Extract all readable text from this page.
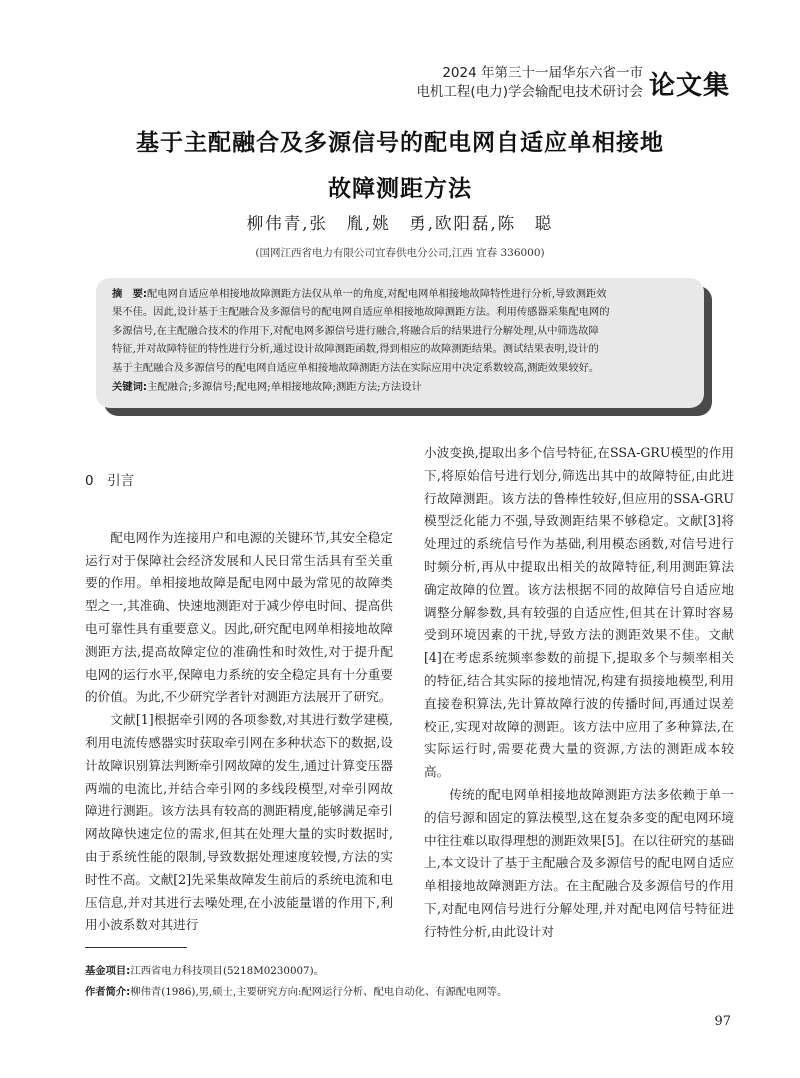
2024 年第三十一届华东六省一市
电机工程(电力)学会输配电技术研讨会 论文集
基于主配融合及多源信号的配电网自适应单相接地
故障测距方法
柳伟青,张　胤,姚　勇,欧阳磊,陈　聪
(国网江西省电力有限公司宜春供电分公司,江西 宜春 336000)
摘　要:配电网自适应单相接地故障测距方法仅从单一的角度,对配电网单相接地故障特性进行分析,导致测距效
果不佳。因此,设计基于主配融合及多源信号的配电网自适应单相接地故障测距方法。利用传感器采集配电网的
多源信号,在主配融合技术的作用下,对配电网多源信号进行融合,将融合后的结果进行分解处理,从中筛选故障
特征,并对故障特征的特性进行分析,通过设计故障测距函数,得到相应的故障测距结果。测试结果表明,设计的
基于主配融合及多源信号的配电网自适应单相接地故障测距方法在实际应用中决定系数较高,测距效果较好。
关键词:主配融合;多源信号;配电网;单相接地故障;测距方法;方法设计

0　引言

配电网作为连接用户和电源的关键环节,其安全稳定运行对于保障社会经济发展和人民日常生活具有至关重要的作用。单相接地故障是配电网中最为常见的故障类型之一,其准确、快速地测距对于减少停电时间、提高供电可靠性具有重要意义。因此,研究配电网单相接地故障测距方法,提高故障定位的准确性和时效性,对于提升配电网的运行水平,保障电力系统的安全稳定具有十分重要的价值。为此,不少研究学者针对测距方法展开了研究。

文献[1]根据牵引网的各项参数,对其进行数学建模,利用电流传感器实时获取牵引网在多种状态下的数据,设计故障识别算法判断牵引网故障的发生,通过计算变压器两端的电流比,并结合牵引网的多线段模型,对牵引网故障进行测距。该方法具有较高的测距精度,能够满足牵引网故障快速定位的需求,但其在处理大量的实时数据时,由于系统性能的限制,导致数据处理速度较慢,方法的实时性不高。文献[2]先采集故障发生前后的系统电流和电压信息,并对其进行去噪处理,在小波能量谱的作用下,利用小波系数对其进行

小波变换,提取出多个信号特征,在SSA-GRU模型的作用下,将原始信号进行划分,筛选出其中的故障特征,由此进行故障测距。该方法的鲁棒性较好,但应用的SSA-GRU模型泛化能力不强,导致测距结果不够稳定。文献[3]将处理过的系统信号作为基础,利用模态函数,对信号进行时频分析,再从中提取出相关的故障特征,利用测距算法确定故障的位置。该方法根据不同的故障信号自适应地调整分解参数,具有较强的自适应性,但其在计算时容易受到环境因素的干扰,导致方法的测距效果不佳。文献[4]在考虑系统频率参数的前提下,提取多个与频率相关的特征,结合其实际的接地情况,构建有损接地模型,利用直接卷积算法,先计算故障行波的传播时间,再通过误差校正,实现对故障的测距。该方法中应用了多种算法,在实际运行时,需要花费大量的资源,方法的测距成本较高。

传统的配电网单相接地故障测距方法多依赖于单一的信号源和固定的算法模型,这在复杂多变的配电网环境中往往难以取得理想的测距效果[5]。在以往研究的基础上,本文设计了基于主配融合及多源信号的配电网自适应单相接地故障测距方法。在主配融合及多源信号的作用下,对配电网信号进行分解处理,并对配电网信号特征进行特性分析,由此设计对

基金项目:江西省电力科技项目(5218M0230007)。
作者简介:柳伟青(1986),男,硕士,主要研究方向:配网运行分析、配电自动化、有源配电网等。
97
